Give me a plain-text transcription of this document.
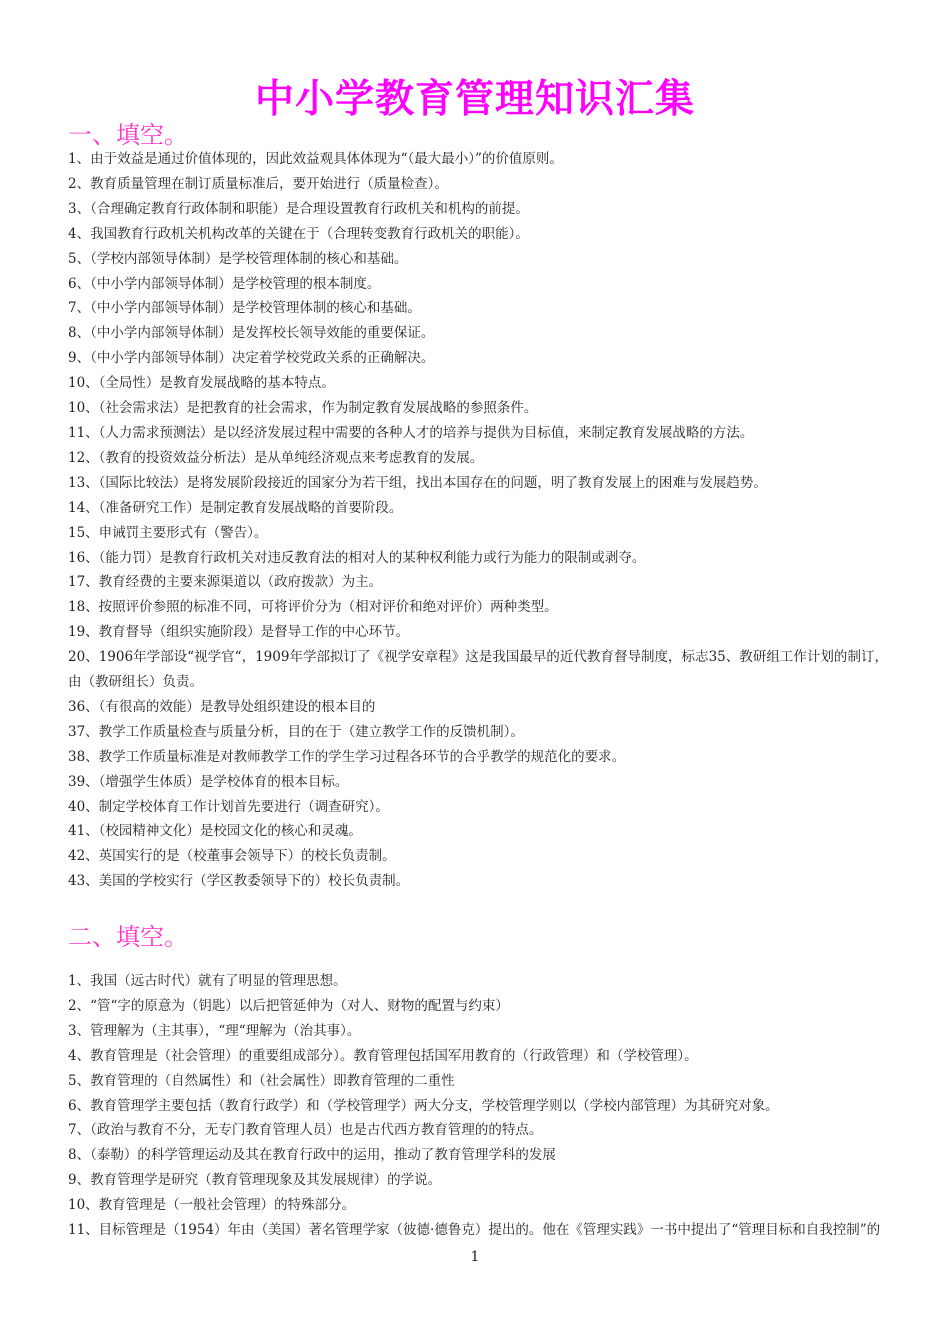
中小学教育管理知识汇集
一、填空。
1、由于效益是通过价值体现的，因此效益观具体体现为“（最大最小）”的价值原则。
2、教育质量管理在制订质量标准后，要开始进行（质量检查）。
3、（合理确定教育行政体制和职能）是合理设置教育行政机关和机构的前提。
4、我国教育行政机关机构改革的关键在于（合理转变教育行政机关的职能）。
5、（学校内部领导体制）是学校管理体制的核心和基础。
6、（中小学内部领导体制）是学校管理的根本制度。
7、（中小学内部领导体制）是学校管理体制的核心和基础。
8、（中小学内部领导体制）是发挥校长领导效能的重要保证。
9、（中小学内部领导体制）决定着学校党政关系的正确解决。
10、（全局性）是教育发展战略的基本特点。
10、（社会需求法）是把教育的社会需求，作为制定教育发展战略的参照条件。
11、（人力需求预测法）是以经济发展过程中需要的各种人才的培养与提供为目标值，来制定教育发展战略的方法。
12、（教育的投资效益分析法）是从单纯经济观点来考虑教育的发展。
13、（国际比较法）是将发展阶段接近的国家分为若干组，找出本国存在的问题，明了教育发展上的困难与发展趋势。
14、（准备研究工作）是制定教育发展战略的首要阶段。
15、申诫罚主要形式有（警告）。
16、（能力罚）是教育行政机关对违反教育法的相对人的某种权利能力或行为能力的限制或剥夺。
17、教育经费的主要来源渠道以（政府拨款）为主。
18、按照评价参照的标准不同，可将评价分为（相对评价和绝对评价）两种类型。
19、教育督导（组织实施阶段）是督导工作的中心环节。
20、1906年学部设“视学官“，1909年学部拟订了《视学安章程》这是我国最早的近代教育督导制度，标志35、教研组工作计划的制订，由（教研组长）负责。
36、（有很高的效能）是教导处组织建设的根本目的
37、教学工作质量检查与质量分析，目的在于（建立教学工作的反馈机制）。
38、教学工作质量标准是对教师教学工作的学生学习过程各环节的合乎教学的规范化的要求。
39、（增强学生体质）是学校体育的根本目标。
40、制定学校体育工作计划首先要进行（调查研究）。
41、（校园精神文化）是校园文化的核心和灵魂。
42、英国实行的是（校董事会领导下）的校长负责制。
43、美国的学校实行（学区教委领导下的）校长负责制。
二、填空。
1、我国（远古时代）就有了明显的管理思想。
2、“管“字的原意为（钥匙）以后把管延伸为（对人、财物的配置与约束）
3、管理解为（主其事），“理“理解为（治其事）。
4、教育管理是（社会管理）的重要组成部分）。教育管理包括国军用教育的（行政管理）和（学校管理）。
5、教育管理的（自然属性）和（社会属性）即教育管理的二重性
6、教育管理学主要包括（教育行政学）和（学校管理学）两大分支，学校管理学则以（学校内部管理）为其研究对象。
7、（政治与教育不分，无专门教育管理人员）也是古代西方教育管理的的特点。
8、（泰勒）的科学管理运动及其在教育行政中的运用，推动了教育管理学科的发展
9、教育管理学是研究（教育管理现象及其发展规律）的学说。
10、教育管理是（一般社会管理）的特殊部分。
11、目标管理是（1954）年由（美国）著名管理学家（彼德·德鲁克）提出的。他在《管理实践》一书中提出了“管理目标和自我控制”的
1
